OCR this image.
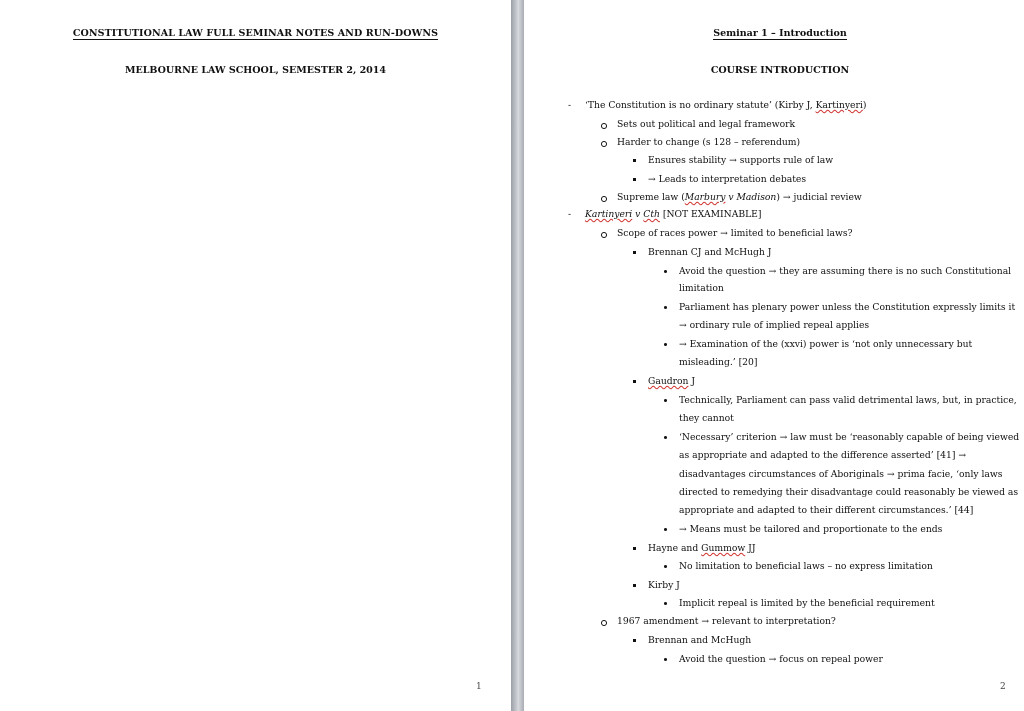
CONSTITUTIONAL LAW FULL SEMINAR NOTES AND RUN-DOWNS
MELBOURNE LAW SCHOOL, SEMESTER 2, 2014
1
Seminar 1 – Introduction
COURSE INTRODUCTION
- ‘The Constitution is no ordinary statute’ (Kirby J, Kartinyeri)
Sets out political and legal framework
Harder to change (s 128 – referendum)
Ensures stability → supports rule of law
→ Leads to interpretation debates
Supreme law (Marbury v Madison) → judicial review
- Kartinyeri v Cth [NOT EXAMINABLE]
Scope of races power → limited to beneficial laws?
Brennan CJ and McHugh J
Avoid the question → they are assuming there is no such Constitutional
limitation
Parliament has plenary power unless the Constitution expressly limits it
→ ordinary rule of implied repeal applies
→ Examination of the (xxvi) power is ‘not only unnecessary but
misleading.’ [20]
Gaudron J
Technically, Parliament can pass valid detrimental laws, but, in practice,
they cannot
‘Necessary’ criterion → law must be ‘reasonably capable of being viewed
as appropriate and adapted to the difference asserted’ [41] →
disadvantages circumstances of Aboriginals → prima facie, ‘only laws
directed to remedying their disadvantage could reasonably be viewed as
appropriate and adapted to their different circumstances.’ [44]
→ Means must be tailored and proportionate to the ends
Hayne and Gummow JJ
No limitation to beneficial laws – no express limitation
Kirby J
Implicit repeal is limited by the beneficial requirement
1967 amendment → relevant to interpretation?
Brennan and McHugh
Avoid the question → focus on repeal power
2
